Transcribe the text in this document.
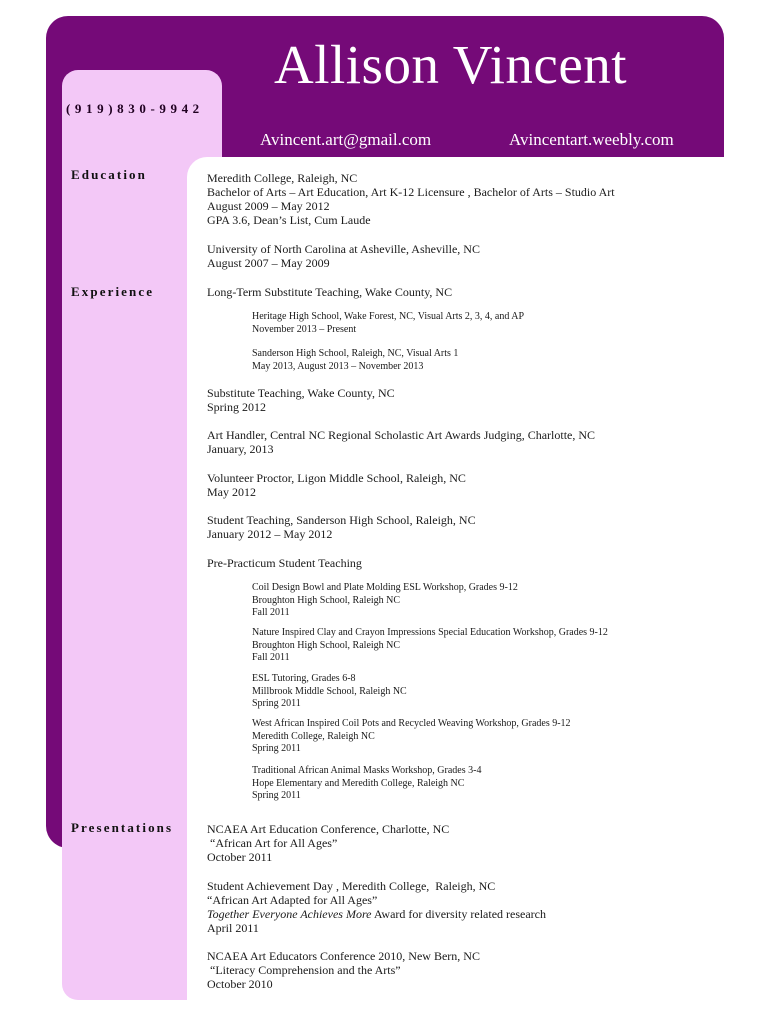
Allison Vincent

(919)830-9942

Avincent.art@gmail.com	Avincentart.weebly.com

Education
Experience
Presentations
Meredith College, Raleigh, NC
Bachelor of Arts – Art Education, Art K-12 Licensure , Bachelor of Arts – Studio Art
August 2009 – May 2012
GPA 3.6, Dean’s List, Cum Laude
University of North Carolina at Asheville, Asheville, NC
August 2007 – May 2009
Long-Term Substitute Teaching, Wake County, NC
Heritage High School, Wake Forest, NC, Visual Arts 2, 3, 4, and AP
November 2013 – Present
Sanderson High School, Raleigh, NC, Visual Arts 1
May 2013, August 2013 – November 2013
Substitute Teaching, Wake County, NC
Spring 2012
Art Handler, Central NC Regional Scholastic Art Awards Judging, Charlotte, NC
January, 2013
Volunteer Proctor, Ligon Middle School, Raleigh, NC
May 2012
Student Teaching, Sanderson High School, Raleigh, NC
January 2012 – May 2012
Pre-Practicum Student Teaching
Coil Design Bowl and Plate Molding ESL Workshop, Grades 9-12
Broughton High School, Raleigh NC
Fall 2011
Nature Inspired Clay and Crayon Impressions Special Education Workshop, Grades 9-12
Broughton High School, Raleigh NC
Fall 2011
ESL Tutoring, Grades 6-8
Millbrook Middle School, Raleigh NC
Spring 2011
West African Inspired Coil Pots and Recycled Weaving Workshop, Grades 9-12
Meredith College, Raleigh NC
Spring 2011
Traditional African Animal Masks Workshop, Grades 3-4
Hope Elementary and Meredith College, Raleigh NC
Spring 2011
NCAEA Art Education Conference, Charlotte, NC
“African Art for All Ages”
October 2011
Student Achievement Day , Meredith College,  Raleigh, NC
“African Art Adapted for All Ages”
Together Everyone Achieves More Award for diversity related research
April 2011
NCAEA Art Educators Conference 2010, New Bern, NC
“Literacy Comprehension and the Arts”
October 2010
